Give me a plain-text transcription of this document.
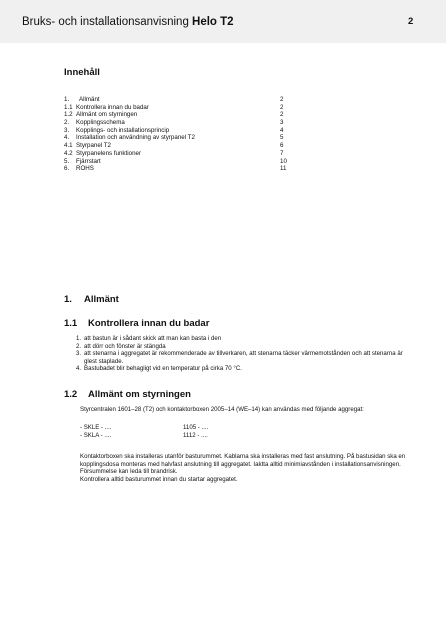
Bruks- och installationsanvisning Helo T2	2
Innehåll
1. Allmänt	2
1.1 Kontrollera innan du badar	2
1.2 Allmänt om styrningen	2
2. Kopplingsschema	3
3. Kopplings- och installationsprincip	4
4. Installation och användning av styrpanel T2	5
4.1 Styrpanel T2	6
4.2 Styrpanelens funktioner	7
5. Fjärrstart	10
6. ROHS	11
1. Allmänt
1.1 Kontrollera innan du badar
1. att bastun är i sådant skick att man kan basta i den
2. att dörr och fönster är stängda
3. att stenarna i aggregatet är rekommenderade av tillverkaren, att stenarna täcker värmemotstånden och att stenarna är glest staplade.
4. Bastubadet blir behagligt vid en temperatur på cirka 70 °C.
1.2 Allmänt om styrningen
Styrcentralen 1601–28 (T2) och kontaktorboxen 2005–14 (WE–14) kan användas med följande aggregat:
- SKLE - ....	1105 - ....
- SKLA - ....	1112 - ....
Kontaktorboxen ska installeras utanför basturummet. Kablarna ska installeras med fast anslutning. På bastusidan ska en kopplingsdosa monteras med halvfast anslutning till aggregatet. Iaktta alltid minimiavstånden i installationsanvisningen. Försummelse kan leda till brandrisk.
Kontrollera alltid basturummet innan du startar aggregatet.
